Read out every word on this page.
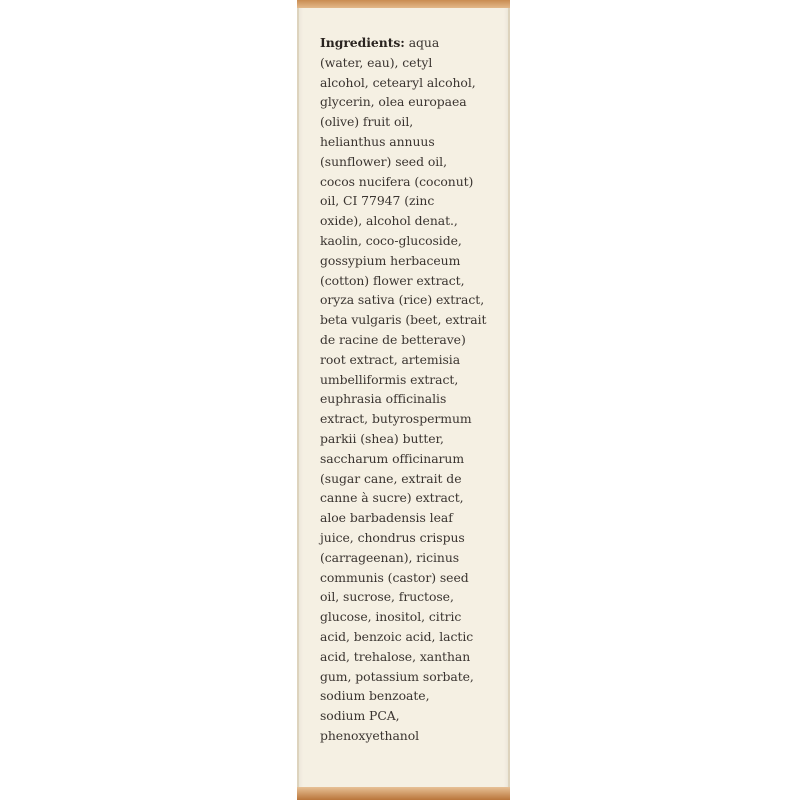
Ingredients: aqua
(water, eau), cetyl
alcohol, cetearyl alcohol,
glycerin, olea europaea
(olive) fruit oil,
helianthus annuus
(sunflower) seed oil,
cocos nucifera (coconut)
oil, CI 77947 (zinc
oxide), alcohol denat.,
kaolin, coco-glucoside,
gossypium herbaceum
(cotton) flower extract,
oryza sativa (rice) extract,
beta vulgaris (beet, extrait
de racine de betterave)
root extract, artemisia
umbelliformis extract,
euphrasia officinalis
extract, butyrospermum
parkii (shea) butter,
saccharum officinarum
(sugar cane, extrait de
canne à sucre) extract,
aloe barbadensis leaf
juice, chondrus crispus
(carrageenan), ricinus
communis (castor) seed
oil, sucrose, fructose,
glucose, inositol, citric
acid, benzoic acid, lactic
acid, trehalose, xanthan
gum, potassium sorbate,
sodium benzoate,
sodium PCA,
phenoxyethanol
